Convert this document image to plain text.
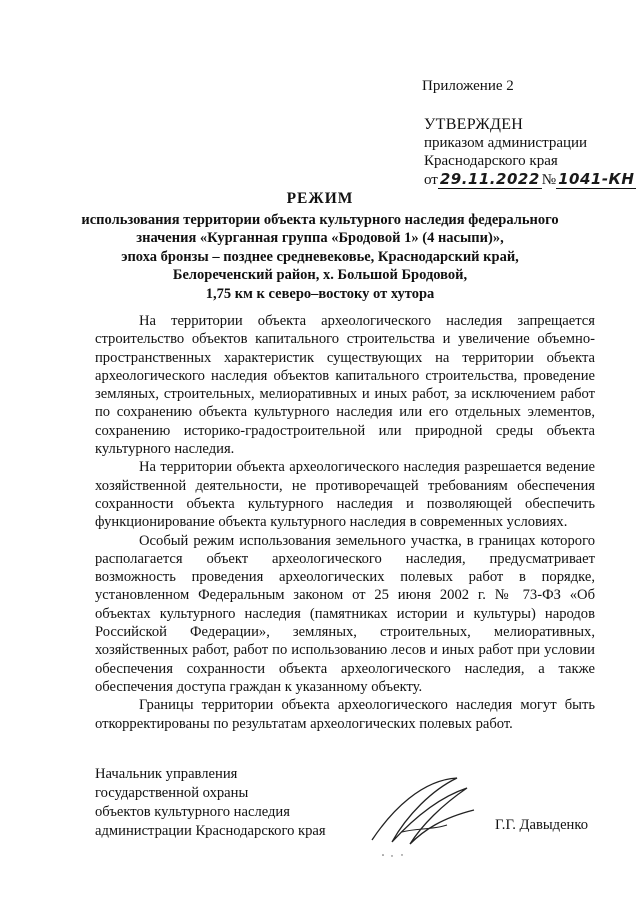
Приложение 2
УТВЕРЖДЕН
приказом администрации
Краснодарского края
от 29.11.2022 № 1041-КН
РЕЖИМ
использования территории объекта культурного наследия федерального
значения «Курганная группа «Бродовой 1» (4 насыпи)»,
эпоха бронзы – позднее средневековье, Краснодарский край,
Белореченский район, х. Большой Бродовой,
1,75 км к северо–востоку от хутора

На территории объекта археологического наследия запрещается строительство объектов капитального строительства и увеличение объемно-пространственных характеристик существующих на территории объекта археологического наследия объектов капитального строительства, проведение земляных, строительных, мелиоративных и иных работ, за исключением работ по сохранению объекта культурного наследия или его отдельных элементов, сохранению историко-градостроительной или природной среды объекта культурного наследия.

На территории объекта археологического наследия разрешается ведение хозяйственной деятельности, не противоречащей требованиям обеспечения сохранности объекта культурного наследия и позволяющей обеспечить функционирование объекта культурного наследия в современных условиях.

Особый режим использования земельного участка, в границах которого располагается объект археологического наследия, предусматривает возможность проведения археологических полевых работ в порядке, установленном Федеральным законом от 25 июня 2002 г. № 73-ФЗ «Об объектах культурного наследия (памятниках истории и культуры) народов Российской Федерации», земляных, строительных, мелиоративных, хозяйственных работ, работ по использованию лесов и иных работ при условии обеспечения сохранности объекта археологического наследия, а также обеспечения доступа граждан к указанному объекту.

Границы территории объекта археологического наследия могут быть откорректированы по результатам археологических полевых работ.

Начальник управления
государственной охраны
объектов культурного наследия
администрации Краснодарского края	Г.Г. Давыденко
